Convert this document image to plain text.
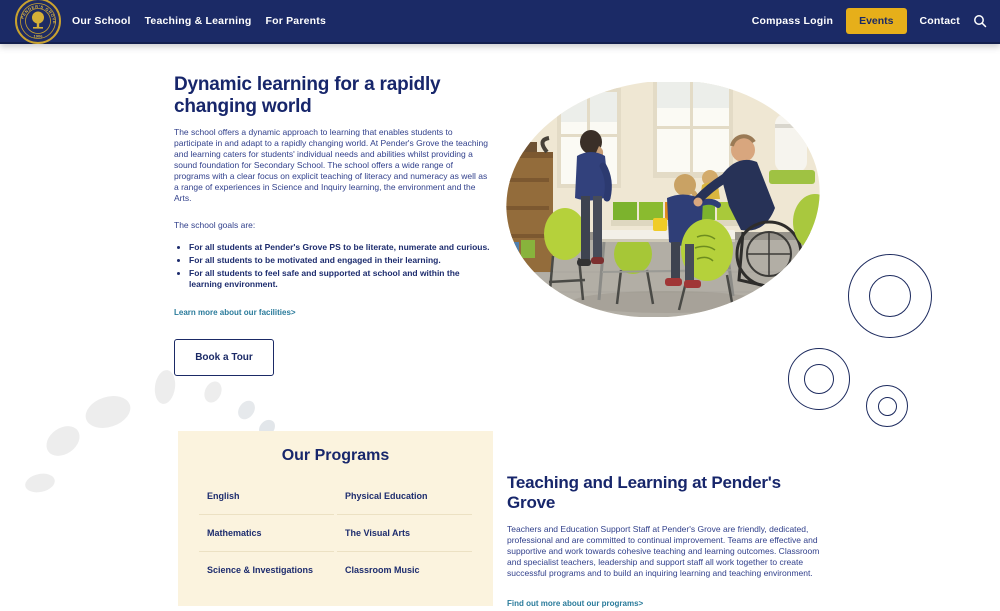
PENDER'S GROVE
1906
Our School Teaching & Learning For Parents	Compass Login	Events	Contact
Dynamic learning for a rapidly changing world

The school offers a dynamic approach to learning that enables students to participate in and adapt to a rapidly changing world. At Pender's Grove the teaching and learning caters for students' individual needs and abilities whilst providing a sound foundation for Secondary School. The school offers a wide range of programs with a clear focus on explicit teaching of literacy and numeracy as well as a range of experiences in Science and Inquiry learning, the environment and the Arts.

The school goals are:

• For all students at Pender's Grove PS to be literate, numerate and curious.
• For all students to be motivated and engaged in their learning.
• For all students to feel safe and supported at school and within the learning environment.
Learn more about our facilities>
Book a Tour
Our Programs
English
Mathematics
Science & Investigations
Physical Education
The Visual Arts
Classroom Music
Teaching and Learning at Pender's Grove

Teachers and Education Support Staff at Pender's Grove are friendly, dedicated, professional and are committed to continual improvement. Teams are effective and supportive and work towards cohesive teaching and learning outcomes. Classroom and specialist teachers, leadership and support staff all work together to create successful programs and to build an inquiring learning and teaching environment.

Find out more about our programs>
